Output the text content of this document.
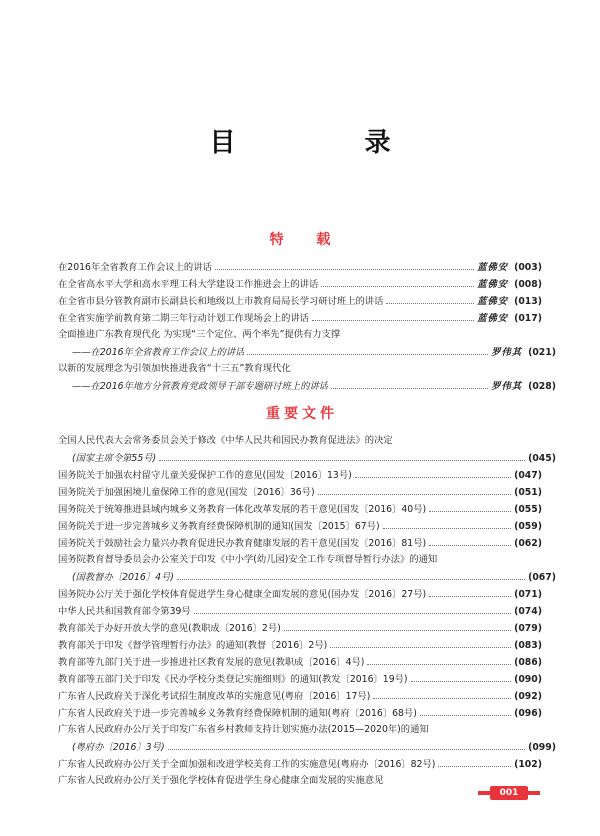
目 录
特 载
在2016年全省教育工作会议上的讲话	蓝佛安 (003)
在全省高水平大学和高水平理工科大学建设工作推进会上的讲话	蓝佛安 (008)
在全省市县分管教育副市长副县长和地级以上市教育局局长学习研讨班上的讲话	蓝佛安 (013)
在全省实施学前教育第二期三年行动计划工作现场会上的讲话	蓝佛安 (017)
全面推进广东教育现代化 为实现“三个定位、两个率先”提供有力支撑
——在2016年全省教育工作会议上的讲话	罗伟其 (021)
以新的发展理念为引领加快推进我省“十三五”教育现代化
——在2016年地方分管教育党政领导干部专题研讨班上的讲话	罗伟其 (028)
重要文件
全国人民代表大会常务委员会关于修改《中华人民共和国民办教育促进法》的决定
(国家主席令第55号)	(045)
国务院关于加强农村留守儿童关爱保护工作的意见(国发〔2016〕13号)	(047)
国务院关于加强困境儿童保障工作的意见(国发〔2016〕36号)	(051)
国务院关于统筹推进县域内城乡义务教育一体化改革发展的若干意见(国发〔2016〕40号)	(055)
国务院关于进一步完善城乡义务教育经费保障机制的通知(国发〔2015〕67号)	(059)
国务院关于鼓励社会力量兴办教育促进民办教育健康发展的若干意见(国发〔2016〕81号)	(062)
国务院教育督导委员会办公室关于印发《中小学(幼儿园)安全工作专项督导暂行办法》的通知
(国教督办〔2016〕4号)	(067)
国务院办公厅关于强化学校体育促进学生身心健康全面发展的意见(国办发〔2016〕27号)	(071)
中华人民共和国教育部令第39号	(074)
教育部关于办好开放大学的意见(教职成〔2016〕2号)	(079)
教育部关于印发《督学管理暂行办法》的通知(教督〔2016〕2号)	(083)
教育部等九部门关于进一步推进社区教育发展的意见(教职成〔2016〕4号)	(086)
教育部等五部门关于印发《民办学校分类登记实施细则》的通知(教发〔2016〕19号)	(090)
广东省人民政府关于深化考试招生制度改革的实施意见(粤府〔2016〕17号)	(092)
广东省人民政府关于进一步完善城乡义务教育经费保障机制的通知(粤府〔2016〕68号)	(096)
广东省人民政府办公厅关于印发广东省乡村教师支持计划实施办法(2015—2020年)的通知
(粤府办〔2016〕3号)	(099)
广东省人民政府办公厅关于全面加强和改进学校美育工作的实施意见(粤府办〔2016〕82号)	(102)
广东省人民政府办公厅关于强化学校体育促进学生身心健康全面发展的实施意见
001
